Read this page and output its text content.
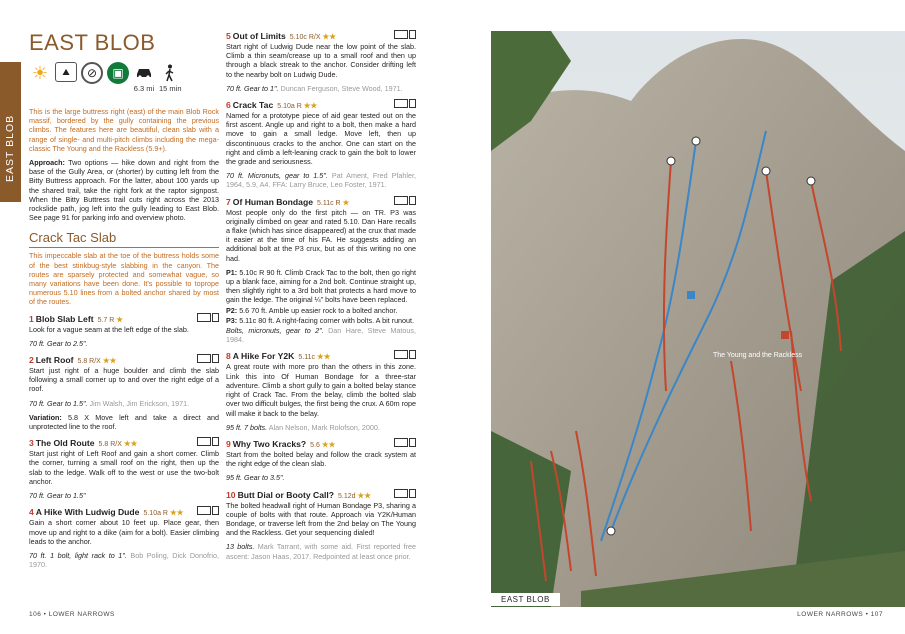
EAST BLOB
EAST BLOB
☀	⛰	⊘	▣
6.3 mi 15 min

This is the large buttress right (east) of the main Blob Rock massif, bordered by the gully containing the previous climbs. The features here are beautiful, clean slab with a range of single- and multi-pitch climbs including the mega-classic The Young and the Rackless (5.9+).

Approach: Two options — hike down and right from the base of the Gully Area, or (shorter) by cutting left from the Bitty Buttress approach. For the latter, about 100 yards up the shared trail, take the right fork at the raptor signpost. When the Bitty Buttress trail cuts right across the 2013 rockslide path, jog left into the gully leading to East Blob. See page 91 for parking info and overview photo.

Crack Tac Slab

This impeccable slab at the toe of the buttress holds some of the best stinkbug-style slabbing in the canyon. The routes are sparsely protected and somewhat vague, so many variations have been done. It's possible to toprope numerous 5.10 lines from a bolted anchor shared by most of the routes.

1 Blob Slab Left 5.7 R ★

Look for a vague seam at the left edge of the slab.

70 ft. Gear to 2.5".

2 Left Roof 5.8 R/X ★★

Start just right of a huge boulder and climb the slab following a small corner up to and over the right edge of a roof.

70 ft. Gear to 1.5". Jim Walsh, Jim Erickson, 1971.

Variation: 5.8 X Move left and take a direct and unprotected line to the roof.

3 The Old Route 5.8 R/X ★★

Start just right of Left Roof and gain a short corner. Climb the corner, turning a small roof on the right, then up the slab to the ledge. Walk off to the west or use the two-bolt anchor.

70 ft. Gear to 1.5"

4 A Hike With Ludwig Dude 5.10a R ★★

Gain a short corner about 10 feet up. Place gear, then move up and right to a dike (aim for a bolt). Easier climbing leads to the anchor.

70 ft. 1 bolt, light rack to 1". Bob Poling, Dick Donofrio, 1970.

5 Out of Limits 5.10c R/X ★★

Start right of Ludwig Dude near the low point of the slab. Climb a thin seam/crease up to a small roof and then up through a black streak to the anchor. Consider drifting left to the nearby bolt on Ludwig Dude.

70 ft. Gear to 1". Duncan Ferguson, Steve Wood, 1971.

6 Crack Tac 5.10a R ★★

Named for a prototype piece of aid gear tested out on the first ascent. Angle up and right to a bolt, then make a hard move to gain a small ledge. Move left, then up discontinuous cracks to the anchor. One can start on the right and climb a left-leaning crack to gain the bolt to lower the grade and seriousness.

70 ft. Micronuts, gear to 1.5". Pat Ament, Fred Pfahler, 1964, 5.9, A4. FFA: Larry Bruce, Leo Foster, 1971.

7 Of Human Bondage 5.11c R ★

Most people only do the first pitch — on TR. P3 was originally climbed on gear and rated 5.10. Dan Hare recalls a flake (which has since disappeared) at the crux that made it easier at the time of his FA. He suggests adding an additional bolt at the P3 crux, but as of this writing no one had.

P1: 5.10c R 90 ft. Climb Crack Tac to the bolt, then go right up a blank face, aiming for a 2nd bolt. Continue straight up, then slightly right to a 3rd bolt that protects a hard move to gain the ledge. The original ¼" bolts have been replaced.

P2: 5.6 70 ft. Amble up easier rock to a bolted anchor.

P3: 5.11c 80 ft. A right-facing corner with bolts. A bit runout.

Bolts, micronuts, gear to 2". Dan Hare, Steve Matous, 1984.

8 A Hike For Y2K 5.11c ★★

A great route with more pro than the others in this zone. Link this into Of Human Bondage for a three-star adventure. Climb a short gully to gain a bolted belay stance right of Crack Tac. From the belay, climb the bolted slab over two difficult bulges, the first being the crux. A 60m rope will make it back to the belay.

95 ft. 7 bolts. Alan Nelson, Mark Rolofson, 2000.

9 Why Two Kracks? 5.6 ★★

Start from the bolted belay and follow the crack system at the right edge of the clean slab.

95 ft. Gear to 3.5".

10 Butt Dial or Booty Call? 5.12d ★★

The bolted headwall right of Human Bondage P3, sharing a couple of bolts with that route. Approach via Y2K/Human Bondage, or traverse left from the 2nd belay on The Young and the Rackless. Get your sequencing dialed!

13 bolts. Mark Tarrant, with some aid. First reported free ascent: Jason Haas, 2017. Redpointed at least once prior.

The Young and the Rackless
EAST BLOB
106 • LOWER NARROWS	LOWER NARROWS • 107
